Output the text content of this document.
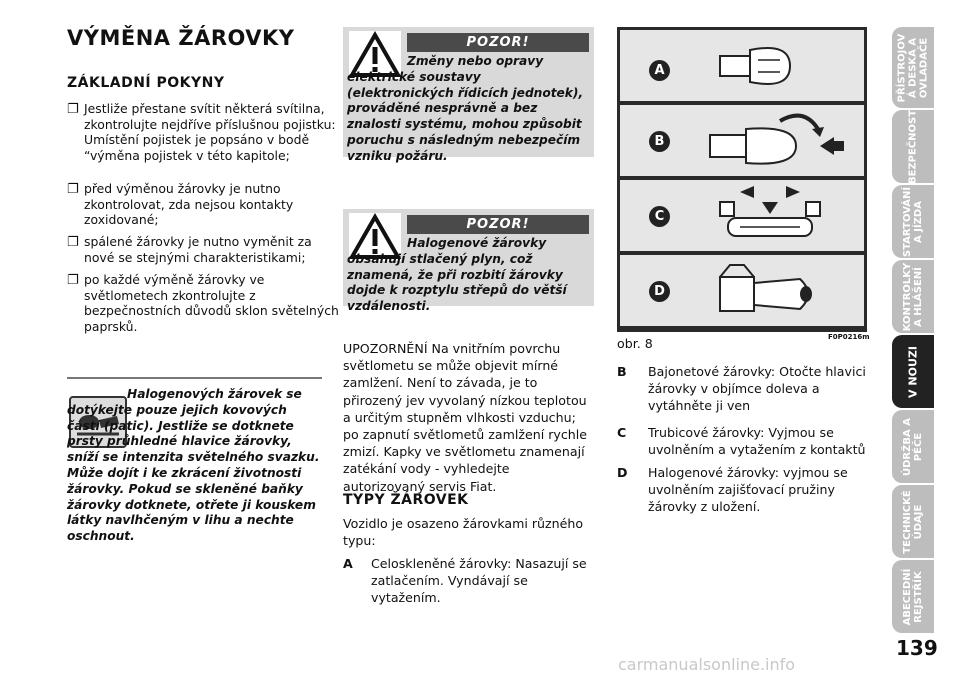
VÝMĚNA ŽÁROVKY
ZÁKLADNÍ POKYNY
❐ Jestliže přestane svítit některá svítilna, zkontrolujte nejdříve příslušnou pojistku: Umístění pojistek je popsáno v bodě “výměna pojistek v této kapitole;
❐ před výměnou žárovky je nutno zkontrolovat, zda nejsou kontakty zoxidované;
❐ spálené žárovky je nutno vyměnit za nové se stejnými charakteristikami;
❐ po každé výměně žárovky ve světlometech zkontrolujte z bezpečnostních důvodů sklon světelných paprsků.
Halogenových žárovek se dotýkejte pouze jejich kovových částí (patic). Jestliže se dotknete prsty průhledné hlavice žárovky, sníží se intenzita světelného svazku. Může dojít i ke zkrácení životnosti žárovky. Pokud se skleněné baňky žárovky dotknete, otřete ji kouskem látky navlhčeným v lihu a nechte oschnout.
POZOR!
Změny nebo opravy elektrické soustavy (elektronických řídicích jednotek), prováděné nesprávně a bez znalosti systému, mohou způsobit poruchu s následným nebezpečím vzniku požáru.
POZOR!
Halogenové žárovky obsahují stlačený plyn, což znamená, že při rozbití žárovky dojde k rozptylu střepů do větší vzdálenosti.
UPOZORNĚNÍ Na vnitřním povrchu světlometu se může objevit mírné zamlžení. Není to závada, je to přirozený jev vyvolaný nízkou teplotou a určitým stupněm vlhkosti vzduchu; po zapnutí světlometů zamlžení rychle zmizí. Kapky ve světlometu znamenají zatékání vody - vyhledejte autorizovaný servis Fiat.
TYPY ŽÁROVEK
Vozidlo je osazeno žárovkami různého typu:
A	Celoskleněné žárovky: Nasazují se zatlačením. Vyndávají se vytažením.
A
B
C
D
obr. 8	F0P0216m
B	Bajonetové žárovky: Otočte hlavici žárovky v objímce doleva a vytáhněte ji ven
C	Trubicové žárovky: Vyjmou se uvolněním a vytažením z kontaktů
D	Halogenové žárovky: vyjmou se uvolněním zajišťovací pružiny žárovky z uložení.
PŘÍSTROJOV
Á DESKA A
OVLADAČE
BEZPEČNOST
STARTOVÁNÍ
A JÍZDA
KONTROLKY
A HLÁŠENÍ
V NOUZI
ÚDRŽBA A
PÉČE
TECHNICKÉ
ÚDAJE
ABECEDNÍ
REJSTŘÍK
139
carmanualsonline.info
